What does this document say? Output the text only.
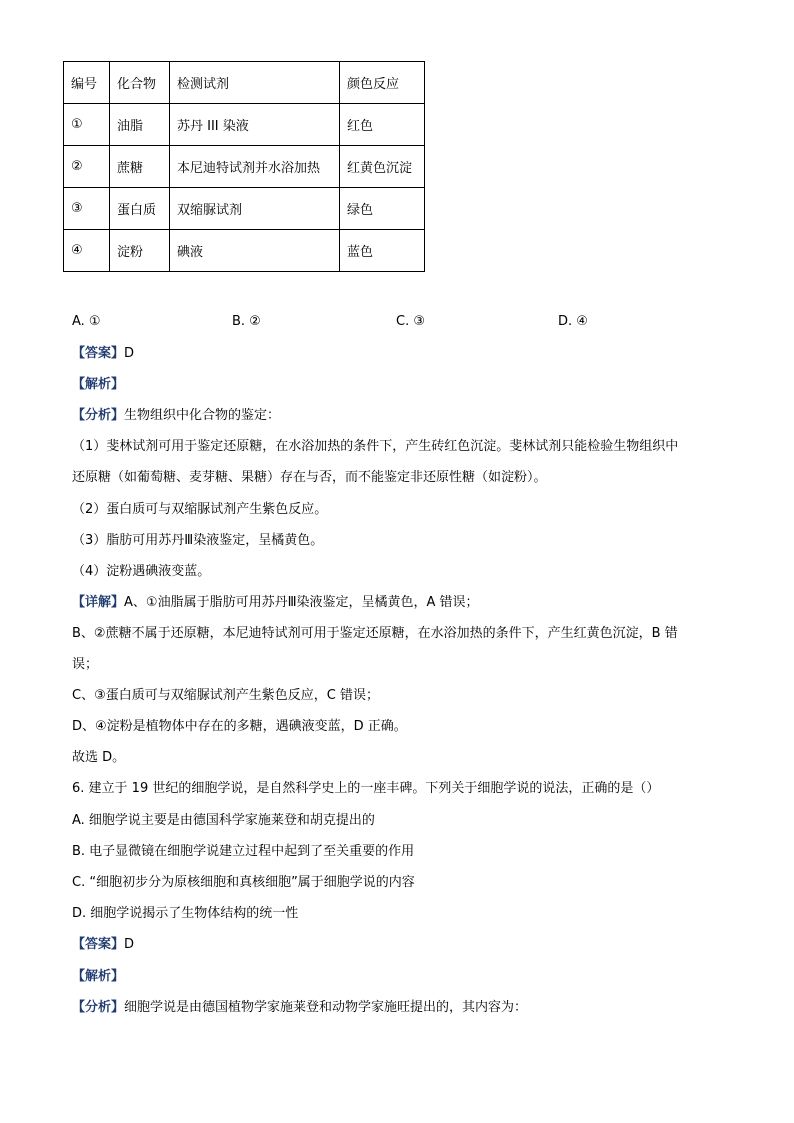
编号	化合物	检测试剂	颜色反应
①	油脂	苏丹 III 染液	红色
②	蔗糖	本尼迪特试剂并水浴加热	红黄色沉淀
③	蛋白质	双缩脲试剂	绿色
④	淀粉	碘液	蓝色
A. ①	B. ②	C. ③	D. ④
【答案】D
【解析】
【分析】生物组织中化合物的鉴定：
（1）斐林试剂可用于鉴定还原糖，在水浴加热的条件下，产生砖红色沉淀。斐林试剂只能检验生物组织中
还原糖（如葡萄糖、麦芽糖、果糖）存在与否，而不能鉴定非还原性糖（如淀粉）。
（2）蛋白质可与双缩脲试剂产生紫色反应。
（3）脂肪可用苏丹Ⅲ染液鉴定，呈橘黄色。
（4）淀粉遇碘液变蓝。
【详解】A、①油脂属于脂肪可用苏丹Ⅲ染液鉴定，呈橘黄色，A 错误；
B、②蔗糖不属于还原糖，本尼迪特试剂可用于鉴定还原糖，在水浴加热的条件下，产生红黄色沉淀，B 错
误；
C、③蛋白质可与双缩脲试剂产生紫色反应，C 错误；
D、④淀粉是植物体中存在的多糖，遇碘液变蓝，D 正确。
故选 D。
6. 建立于 19 世纪的细胞学说，是自然科学史上的一座丰碑。下列关于细胞学说的说法，正确的是（）
A. 细胞学说主要是由德国科学家施莱登和胡克提出的
B. 电子显微镜在细胞学说建立过程中起到了至关重要的作用
C. “细胞初步分为原核细胞和真核细胞”属于细胞学说的内容
D. 细胞学说揭示了生物体结构的统一性
【答案】D
【解析】
【分析】细胞学说是由德国植物学家施莱登和动物学家施旺提出的，其内容为：
